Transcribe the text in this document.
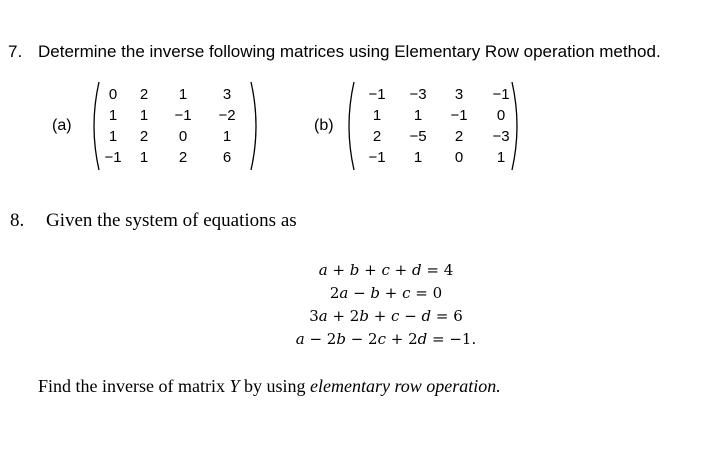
7. Determine the inverse following matrices using Elementary Row operation method.
(a)
0	2	1	3
1	1	−1	−2
1	2	0	1
−1	1	2	6
(b)
−1	−3	3	−1
1	1	−1	0
2	−5	2	−3
−1	1	0	1
8. Given the system of equations as
𝑎 + 𝑏 + 𝑐 + 𝑑 = 4
2𝑎 − 𝑏 + 𝑐 = 0
3𝑎 + 2𝑏 + 𝑐 − 𝑑 = 6
𝑎 − 2𝑏 − 2𝑐 + 2𝑑 = −1.
Find the inverse of matrix Y by using elementary row operation.
